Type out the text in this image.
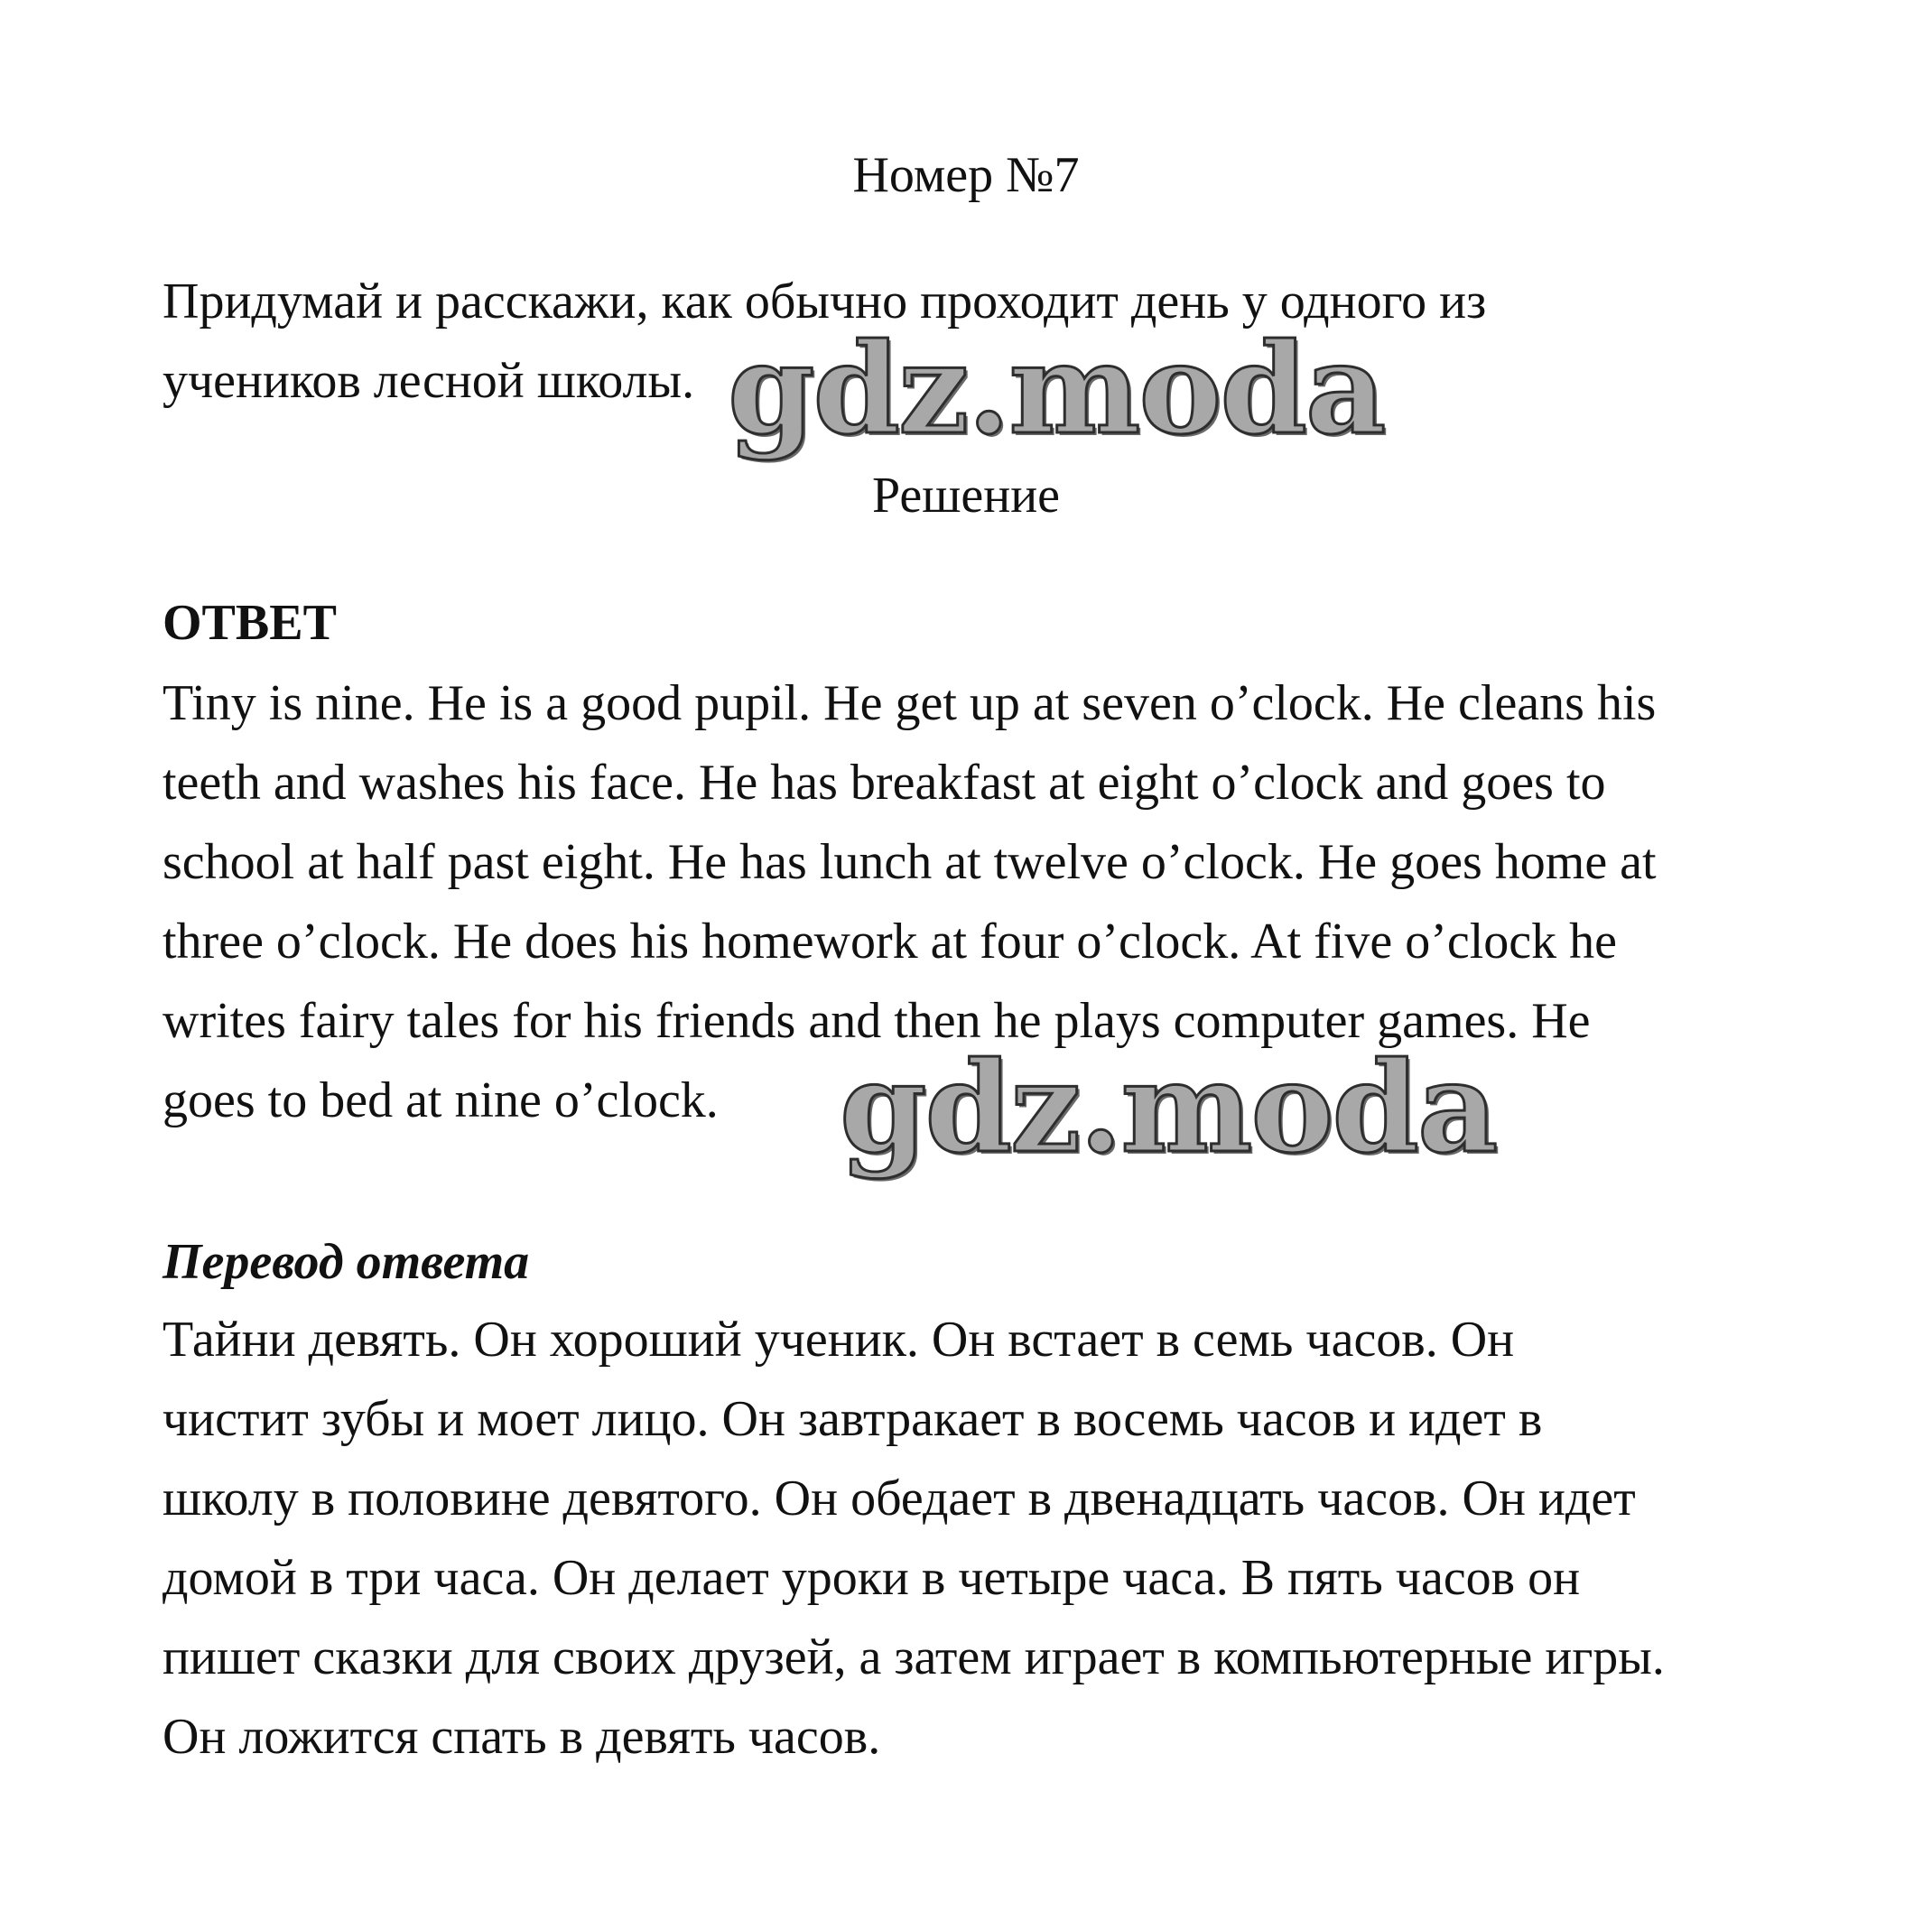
Номер №7
Придумай и расскажи, как обычно проходит день у одного из
учеников лесной школы. gdz.moda
Решение
ОТВЕТ
Tiny is nine. He is a good pupil. He get up at seven o’clock. He cleans his
teeth and washes his face. He has breakfast at eight o’clock and goes to
school at half past eight. He has lunch at twelve o’clock. He goes home at
three o’clock. He does his homework at four o’clock. At five o’clock he
writes fairy tales for his friends and then he plays computer games. He
goes to bed at nine o’clock. gdz.moda
Перевод ответа
Тайни девять. Он хороший ученик. Он встает в семь часов. Он
чистит зубы и моет лицо. Он завтракает в восемь часов и идет в
школу в половине девятого. Он обедает в двенадцать часов. Он идет
домой в три часа. Он делает уроки в четыре часа. В пять часов он
пишет сказки для своих друзей, а затем играет в компьютерные игры.
Он ложится спать в девять часов.
